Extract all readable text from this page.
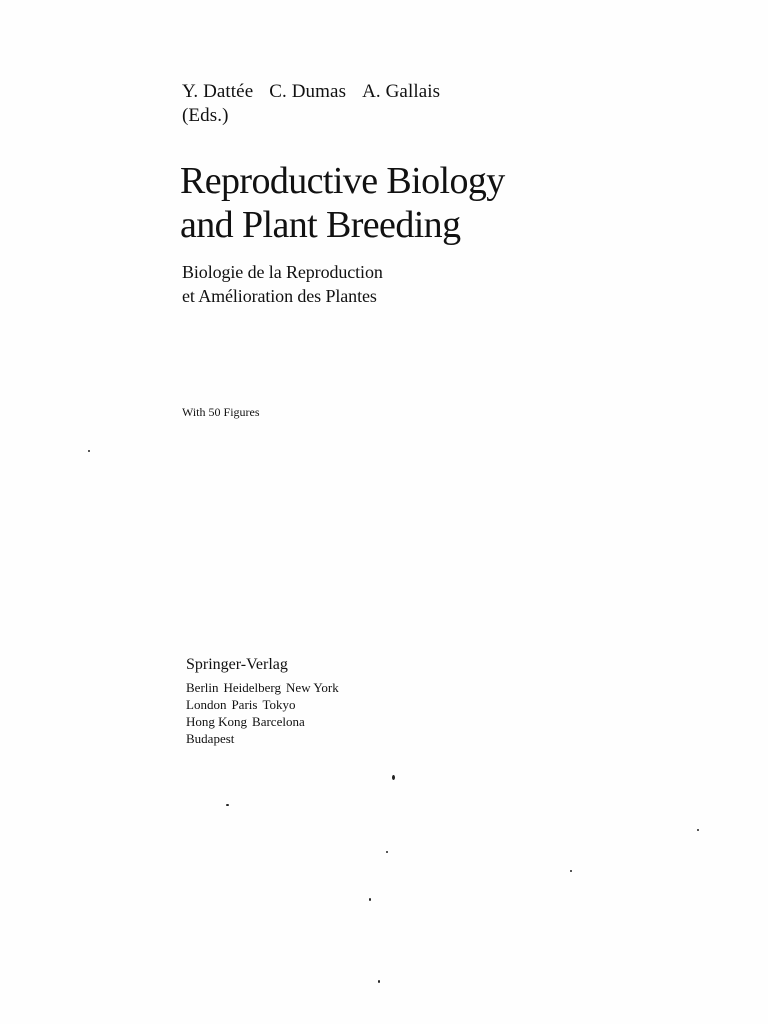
Y. Dattée C. Dumas A. Gallais
(Eds.)
Reproductive Biology
and Plant Breeding
Biologie de la Reproduction
et Amélioration des Plantes
With 50 Figures
Springer-Verlag
Berlin Heidelberg New York
London Paris Tokyo
Hong Kong Barcelona
Budapest
